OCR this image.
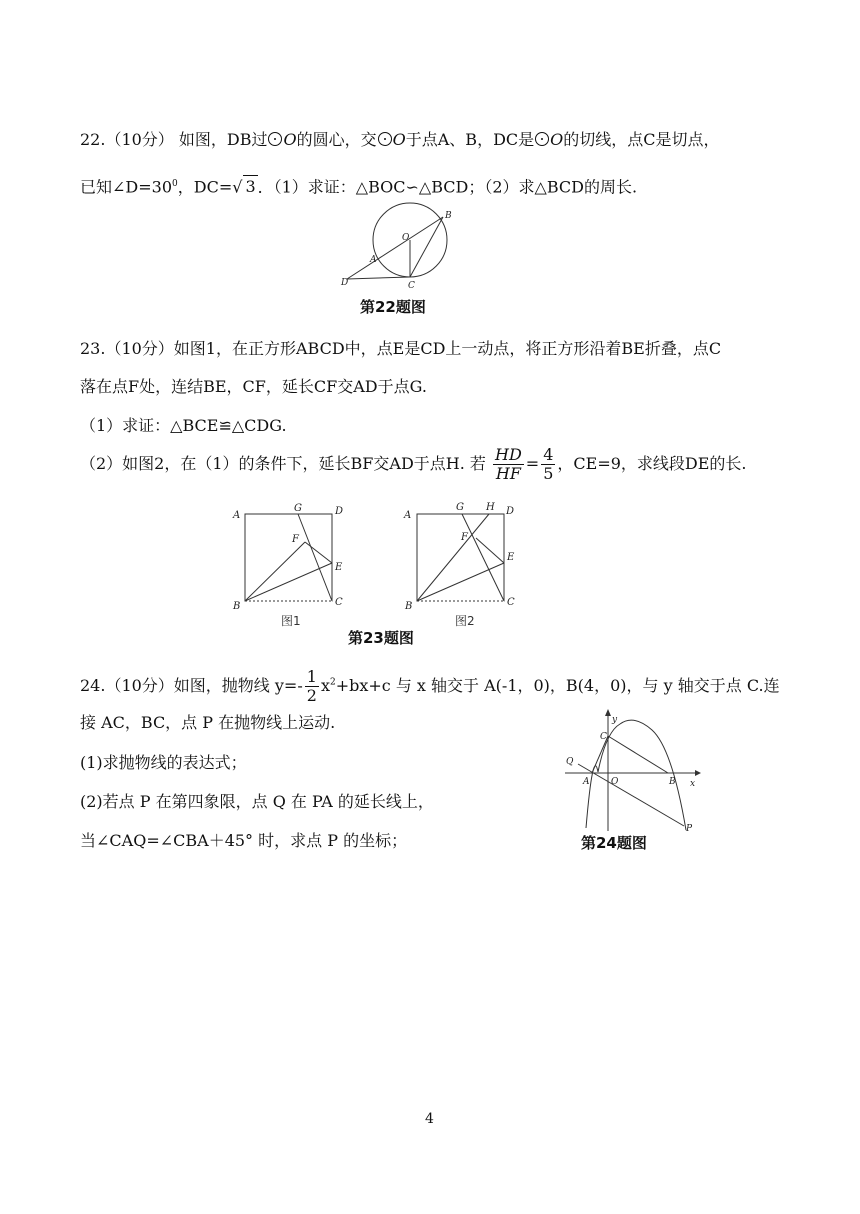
22.（10分） 如图，DB过 O的圆心，交 O于点A、B，DC是 O的切线，点C是切点，
已知$\angle D=30^0$，DC=√ 3 ．（1）求证：△BOC∽△BCD；（2）求△BCD的周长.
B
O
A
D	C
第22题图
23.（10分）如图1，在正方形ABCD中，点E是CD上一动点，将正方形沿着BE折叠，点C
落在点F处，连结BE，CF，延长CF交AD于点G.
（1）求证：△BCE≌△CDG.
（2）如图2，在（1）的条件下，延长BF交AD于点H. 若 $\frac{HD}{HF} = \frac{4}{5}$ ，CE=9，求线段DE的长.
A
G	D
F
E
B	C
图1
A
G H D
F
E
B	C
图2
第23题图
24.（10分）如图，抛物线 $y=- \frac{1}{2} x^2+bx+c$ 与 x 轴交于 A(-1，0)，B(4，0)，与 y 轴交于点 C.连
接 AC，BC，点 P 在抛物线上运动.
(1)求抛物线的表达式；
(2)若点 P 在第四象限，点 Q 在 PA 的延长线上，
当∠CAQ=∠CBA＋45° 时，求点 P 的坐标；
y
x
C
Q
A O	B
P
第24题图
4
